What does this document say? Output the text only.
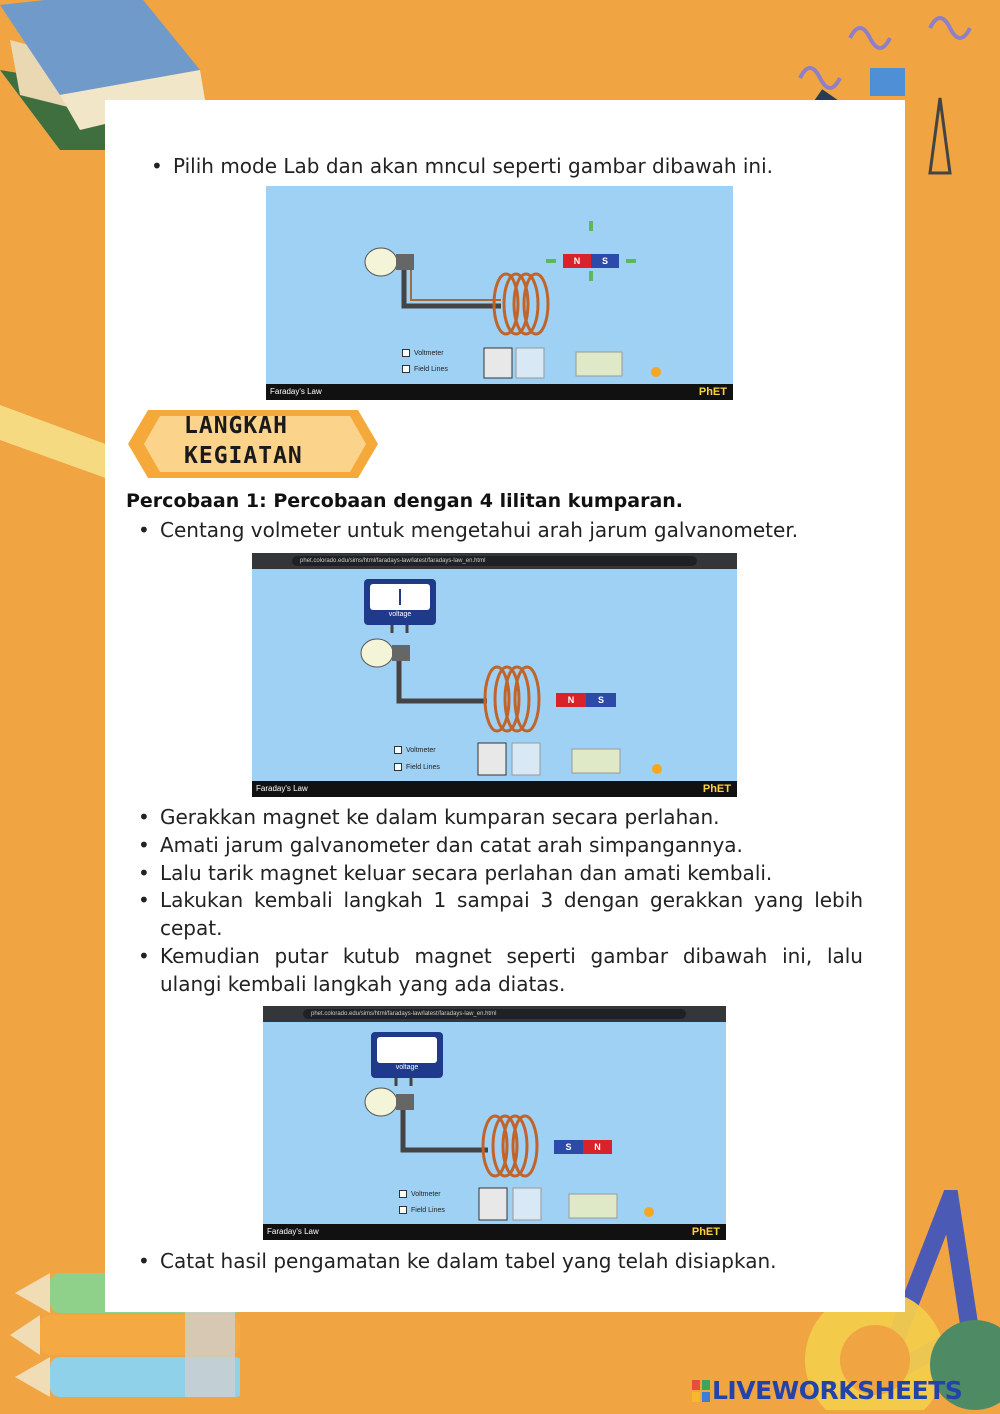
• Pilih mode Lab dan akan mncul seperti gambar dibawah ini.
N	S
Voltmeter
Field Lines
Faraday's Law	PhET
LANGKAH
KEGIATAN
Percobaan 1: Percobaan dengan 4 lilitan kumparan.
• Centang volmeter untuk mengetahui arah jarum galvanometer.
phet.colorado.edu/sims/html/faradays-law/latest/faradays-law_en.html
voltage
N	S
Voltmeter
Field Lines
Faraday's Law	PhET
• Gerakkan magnet ke dalam kumparan secara perlahan.
• Amati jarum galvanometer dan catat arah simpangannya.
• Lalu tarik magnet keluar secara perlahan dan amati kembali.
• Lakukan kembali langkah 1 sampai 3 dengan gerakkan yang lebih cepat.
• Kemudian putar kutub magnet seperti gambar dibawah ini, lalu ulangi kembali langkah yang ada diatas.
phet.colorado.edu/sims/html/faradays-law/latest/faradays-law_en.html
voltage
S	N
Voltmeter
Field Lines
Faraday's Law	PhET
• Catat hasil pengamatan ke dalam tabel yang telah disiapkan.
LIVEWORKSHEETS
